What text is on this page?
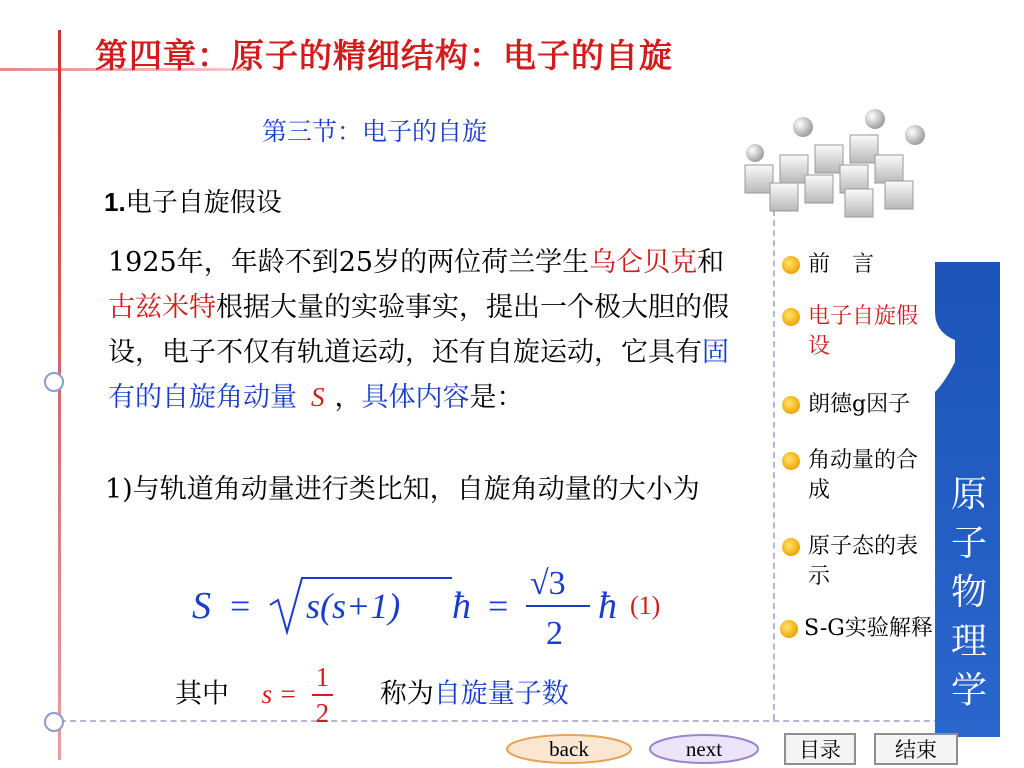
第四章：原子的精细结构：电子的自旋
第三节：电子的自旋
1.电子自旋假设
1925年，年龄不到25岁的两位荷兰学生乌仑贝克和古兹米特根据大量的实验事实，提出一个极大胆的假设，电子不仅有轨道运动，还有自旋运动，它具有固有的自旋角动量 S ，具体内容是：
1)与轨道角动量进行类比知，自旋角动量的大小为
S = s(s+1) ħ =
√3
2
ħ (1)
其中 $s = \frac{1}{2}$ 称为自旋量子数
原
子
物
理
学
前　言
电子自旋假设
朗德g因子
角动量的合成
原子态的表示
S-G实验解释
back	next	目录	结束
